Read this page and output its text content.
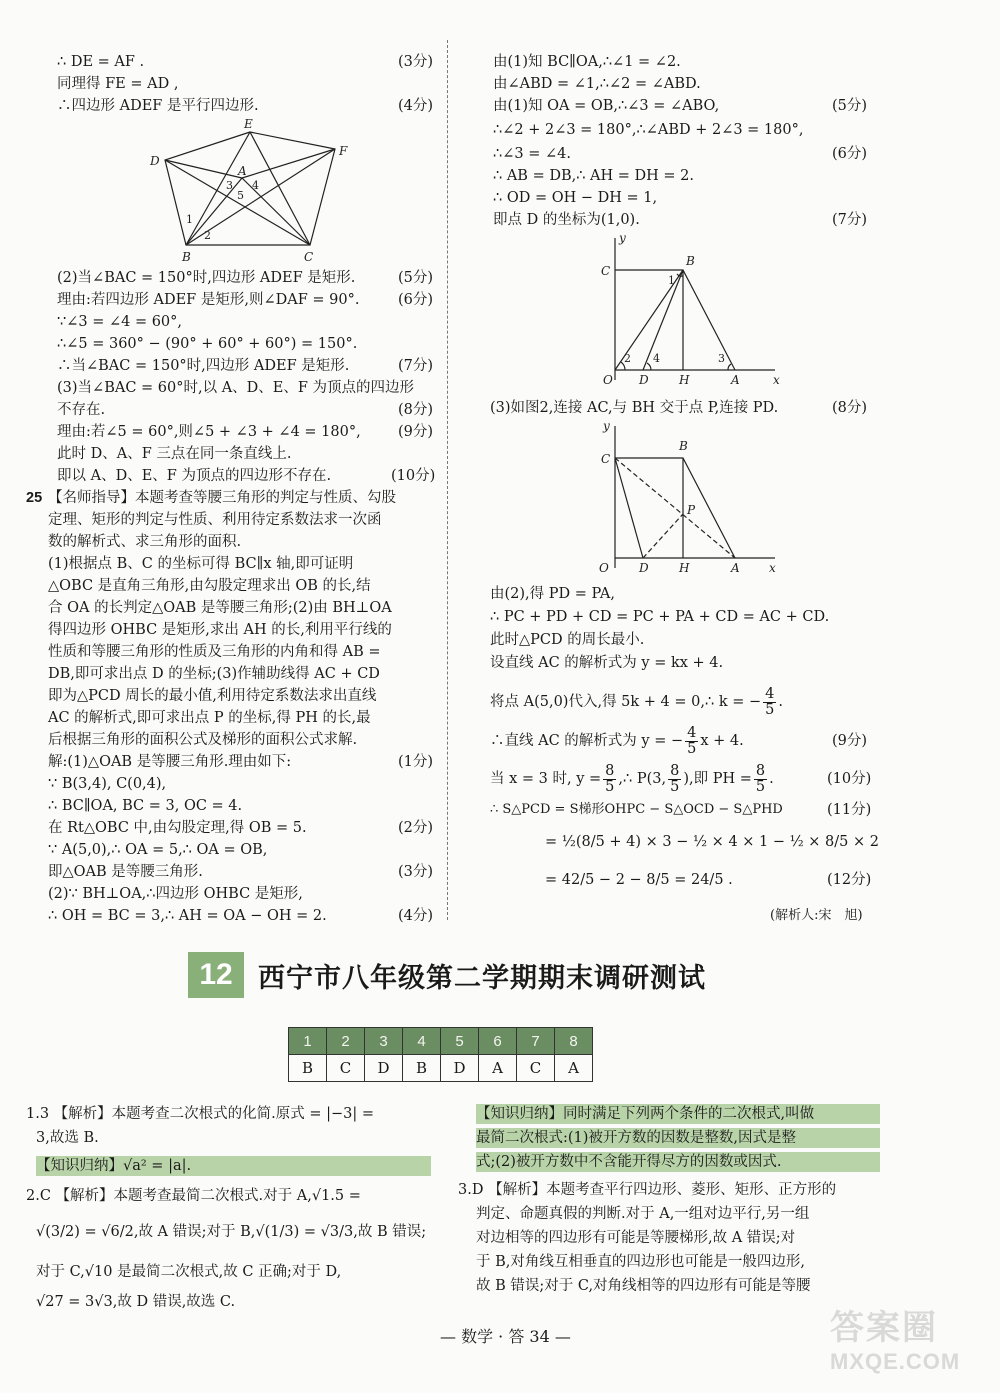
∴ DE = AF .	(3分)
同理得 FE = AD ,
∴四边形 ADEF 是平行四边形.	(4分)
E
D
F
A
3 4
5
1
2
B	C
(2)当∠BAC = 150°时,四边形 ADEF 是矩形.	(5分)
理由:若四边形 ADEF 是矩形,则∠DAF = 90°.	(6分)
∵∠3 = ∠4 = 60°,
∴∠5 = 360° − (90° + 60° + 60°) = 150°.
∴当∠BAC = 150°时,四边形 ADEF 是矩形.	(7分)
(3)当∠BAC = 60°时,以 A、D、E、F 为顶点的四边形
不存在.	(8分)
理由:若∠5 = 60°,则∠5 + ∠3 + ∠4 = 180°,	(9分)
此时 D、A、F 三点在同一条直线上.
即以 A、D、E、F 为顶点的四边形不存在.	(10分)
25 【名师指导】本题考查等腰三角形的判定与性质、勾股
定理、矩形的判定与性质、利用待定系数法求一次函
数的解析式、求三角形的面积.
(1)根据点 B、C 的坐标可得 BC∥x 轴,即可证明
△OBC 是直角三角形,由勾股定理求出 OB 的长,结
合 OA 的长判定△OAB 是等腰三角形;(2)由 BH⊥OA
得四边形 OHBC 是矩形,求出 AH 的长,利用平行线的
性质和等腰三角形的性质及三角形的内角和得 AB =
DB,即可求出点 D 的坐标;(3)作辅助线得 AC + CD
即为△PCD 周长的最小值,利用待定系数法求出直线
AC 的解析式,即可求出点 P 的坐标,得 PH 的长,最
后根据三角形的面积公式及梯形的面积公式求解.
解:(1)△OAB 是等腰三角形.理由如下:	(1分)
∵ B(3,4), C(0,4),
∴ BC∥OA, BC = 3, OC = 4.
在 Rt△OBC 中,由勾股定理,得 OB = 5.	(2分)
∵ A(5,0),∴ OA = 5,∴ OA = OB,
即△OAB 是等腰三角形.	(3分)
(2)∵ BH⊥OA,∴四边形 OHBC 是矩形,
∴ OH = BC = 3,∴ AH = OA − OH = 2.	(4分)
由(1)知 BC∥OA,∴∠1 = ∠2.
由∠ABD = ∠1,∴∠2 = ∠ABD.
由(1)知 OA = OB,∴∠3 = ∠ABO,	(5分)
∴∠2 + 2∠3 = 180°,∴∠ABD + 2∠3 = 180°,
∴∠3 = ∠4.	(6分)
∴ AB = DB,∴ AH = DH = 2.
∴ OD = OH − DH = 1,
即点 D 的坐标为(1,0).	(7分)
y
B
C
O D	H	A	x
1
2 4	3
(3)如图2,连接 AC,与 BH 交于点 P,连接 PD.	(8分)
y
B
C
P
O	D	H	A x
由(2),得 PD = PA,
∴ PC + PD + CD = PC + PA + CD = AC + CD.
此时△PCD 的周长最小.
设直线 AC 的解析式为 y = kx + 4.
将点 A(5,0)代入,得 5k + 4 = 0,∴ k = − $\frac{4}{5}$ .
∴直线 AC 的解析式为 y = − $\frac{4}{5}$ x + 4.	(9分)
当 x = 3 时, $y = \frac{8}{5}$ ,∴ P(3, $\frac{8}{5}$ ),即 PH = $\frac{8}{5}$ .	(10分)
∴ S△PCD = S梯形OHPC − S△OCD − S△PHD	(11分)
= ½(8/5 + 4) × 3 − ½ × 4 × 1 − ½ × 8/5 × 2
= 42/5 − 2 − 8/5 = 24/5 .	(12分)
(解析人:宋　旭)
12 西宁市八年级第二学期期末调研测试
1	2	3	4	5	6	7	8
B	C	D	B	D	A	C	A
1.3 【解析】本题考查二次根式的化简.原式 = |−3| =
3,故选 B.
【知识归纳】√a² = |a|.
2.C 【解析】本题考查最简二次根式.对于 A,√1.5 =
√(3/2) = √6/2,故 A 错误;对于 B,√(1/3) = √3/3,故 B 错误;
对于 C,√10 是最简二次根式,故 C 正确;对于 D,
√27 = 3√3,故 D 错误,故选 C.
【知识归纳】同时满足下列两个条件的二次根式,叫做
最简二次根式:(1)被开方数的因数是整数,因式是整
式;(2)被开方数中不含能开得尽方的因数或因式.
3.D 【解析】本题考查平行四边形、菱形、矩形、正方形的
判定、命题真假的判断.对于 A,一组对边平行,另一组
对边相等的四边形有可能是等腰梯形,故 A 错误;对
于 B,对角线互相垂直的四边形也可能是一般四边形,
故 B 错误;对于 C,对角线相等的四边形有可能是等腰
— 数学 · 答 34 —	答案圈
MXQE.COM
